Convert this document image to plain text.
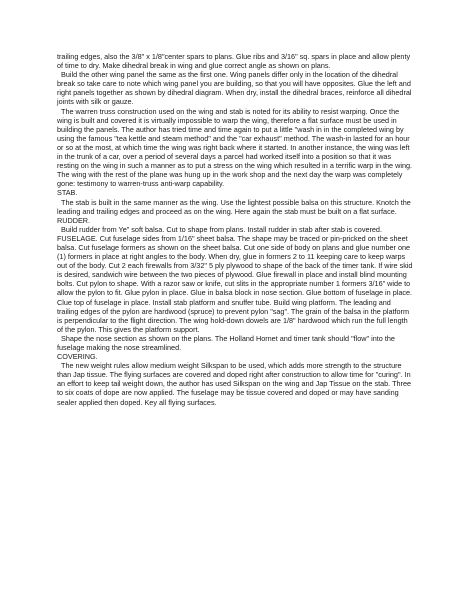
trailing edges, also the 3/8" x 1/8"center spars to plans. Glue ribs and 3/16" sq. spars in place and allow plenty of time to dry. Make dihedral break in wing and glue correct angle as shown on plans.

Build the other wing panel the same as the first one. Wing panels differ only in the location of the dihedral break so take care to note which wing panel you are building, so that you will have opposites. Glue the left and right panels together as shown by dihedral diagram. When dry, install the dihedral braces, reinforce all dihedral joints with silk or gauze.

The warren truss construction used on the wing and stab is noted for its ability to resist warping. Once the wing is built and covered it is virtually impossible to warp the wing, therefore a flat surface must be used in building the panels. The author has tried time and time again to put a little "wash in in the completed wing by using the famous "tea kettle and steam method" and the "car exhaust" method. The wash-in lasted for an hour or so at the most, at which time the wing was right back where it started. In another instance, the wing was left in the trunk of a car, over a period of several days a parcel had worked itself into a position so that it was resting on the wing in such a manner as to put a stress on the wing which resulted in a terrific warp in the wing. The wing with the rest of the plane was hung up in the work shop and the next day the warp was completely gone: testimony to warren-truss anti-warp capability.

STAB.

The stab is built in the same manner as the wing. Use the lightest possible balsa on this structure. Knotch the leading and trailing edges and proceed as on the wing. Here again the stab must be built on a flat surface.

RUDDER.

Build rudder from Ye" soft balsa. Cut to shape from plans. Install rudder in stab after stab is covered.

FUSELAGE. Cut fuselage sides from 1/16" sheet balsa. The shape may be traced or pin-pricked on the sheet balsa. Cut fuselage formers as shown on the sheet balsa. Cut one side of body on plans and glue number one (1) formers in place at right angles to the body. When dry, glue in formers 2 to 11 keeping care to keep warps out of the body. Cut 2 each firewalls from 3/32" 5 ply plywood to shape of the back of the timer tank. If wire skid is desired, sandwich wire between the two pieces of plywood. Glue firewall in place and install blind mounting bolts. Cut pylon to shape. With a razor saw or knife, cut slits in the appropriate number 1 formers 3/16" wide to allow the pylon to fit. Glue pylon in place. Glue in balsa block in nose section. Glue bottom of fuselage in place. Clue top of fuselage in place. Install stab platform and snuffer tube. Build wing platform. The leading and trailing edges of the pylon are hardwood (spruce) to prevent pylon "sag". The grain of the balsa in the platform is perpendicular to the flight direction. The wing hold-down dowels are 1/8" hardwood which run the full length of the pylon. This gives the platform support.

Shape the nose section as shown on the plans. The Holland Hornet and timer tank should "flow" into the fuselage making the nose streamlined.

COVERING.

The new weight rules allow medium weight Silkspan to be used, which adds more strength to the structure than Jap tissue. The flying surfaces are covered and doped right after construction to allow time for "curing". In an effort to keep tail weight down, the author has used Silkspan on the wing and Jap Tissue on the stab. Three to six coats of dope are now applied. The fuselage may be tissue covered and doped or may have sanding sealer applied then doped. Key all flying surfaces.
